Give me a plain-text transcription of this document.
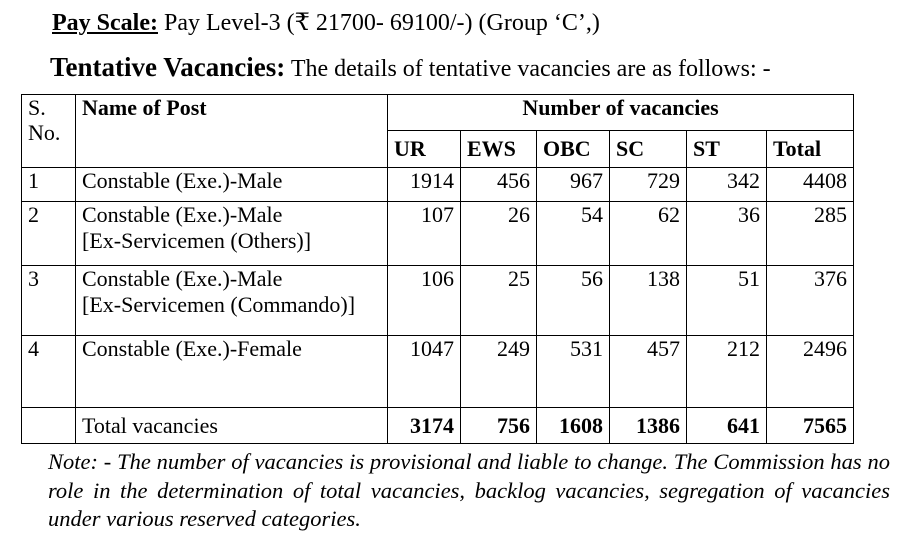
Pay Scale: Pay Level-3 (₹ 21700- 69100/-) (Group ‘C’,)
Tentative Vacancies: The details of tentative vacancies are as follows: -
S. No.	Name of Post	Number of vacancies					
		UR	EWS	OBC	SC	ST	Total
1	Constable (Exe.)-Male	1914	456	967	729	342	4408
2	Constable (Exe.)-Male
[Ex-Servicemen (Others)]	107	26	54	62	36	285
3	Constable (Exe.)-Male
[Ex-Servicemen (Commando)]	106	25	56	138	51	376
4	Constable (Exe.)-Female	1047	249	531	457	212	2496
	Total vacancies	3174	756	1608	1386	641	7565
Note: - The number of vacancies is provisional and liable to change. The Commission has no role in the determination of total vacancies, backlog vacancies, segregation of vacancies under various reserved categories.
